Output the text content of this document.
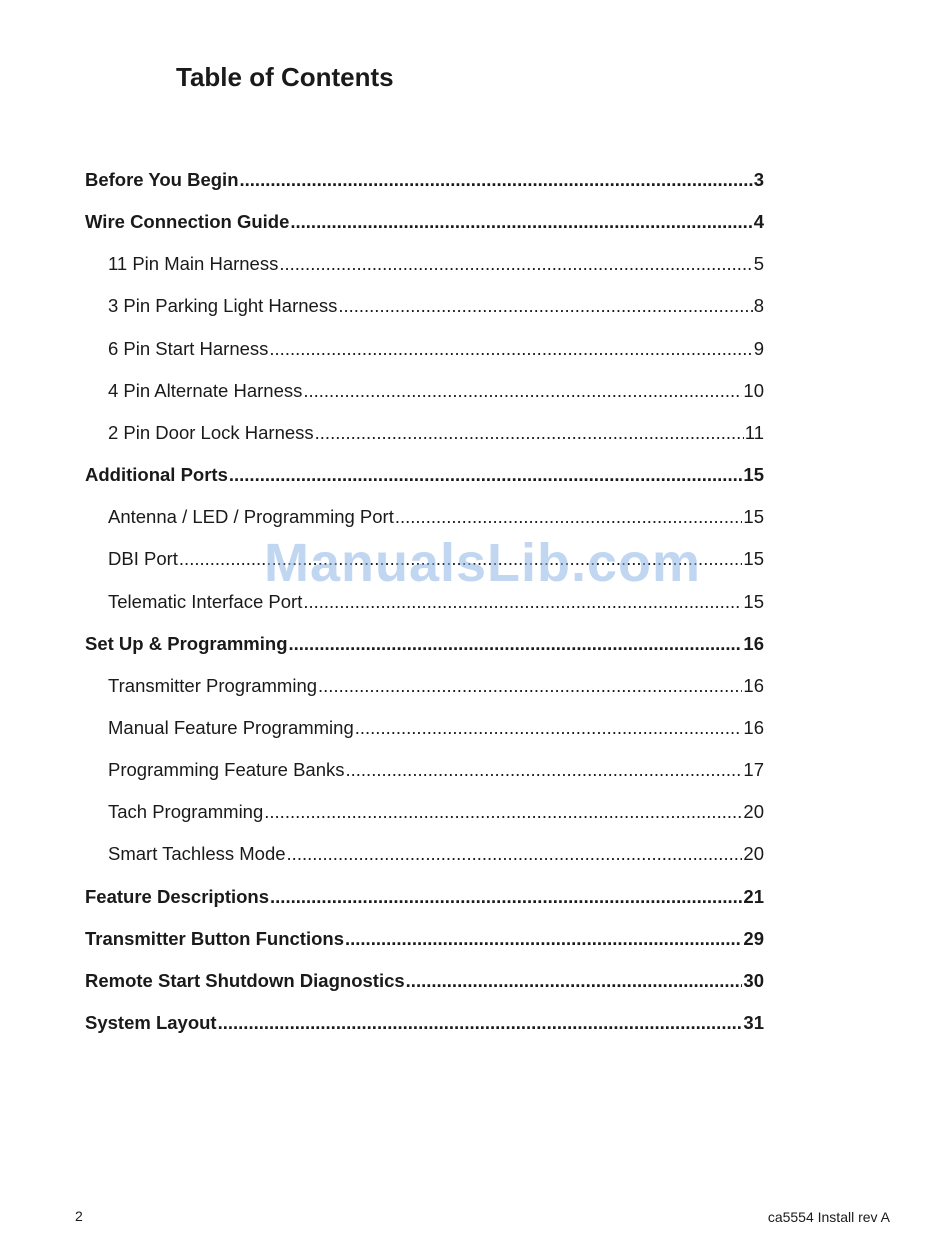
Table of Contents
Before You Begin .....	3
Wire Connection Guide .....	4
11 Pin Main Harness .....	5
3 Pin Parking Light Harness .....	8
6 Pin Start Harness .....	9
4 Pin Alternate Harness .....	10
2 Pin Door Lock Harness .....	11
Additional Ports .....	15
Antenna / LED / Programming Port .....	15
DBI Port .....	15
Telematic Interface Port .....	15
Set Up & Programming .....	16
Transmitter Programming .....	16
Manual Feature Programming .....	16
Programming Feature Banks .....	17
Tach Programming .....	20
Smart Tachless Mode .....	20
Feature Descriptions .....	21
Transmitter Button Functions .....	29
Remote Start Shutdown Diagnostics .....	30
System Layout .....	31
ManualsLib.com
2	ca5554 Install rev A
